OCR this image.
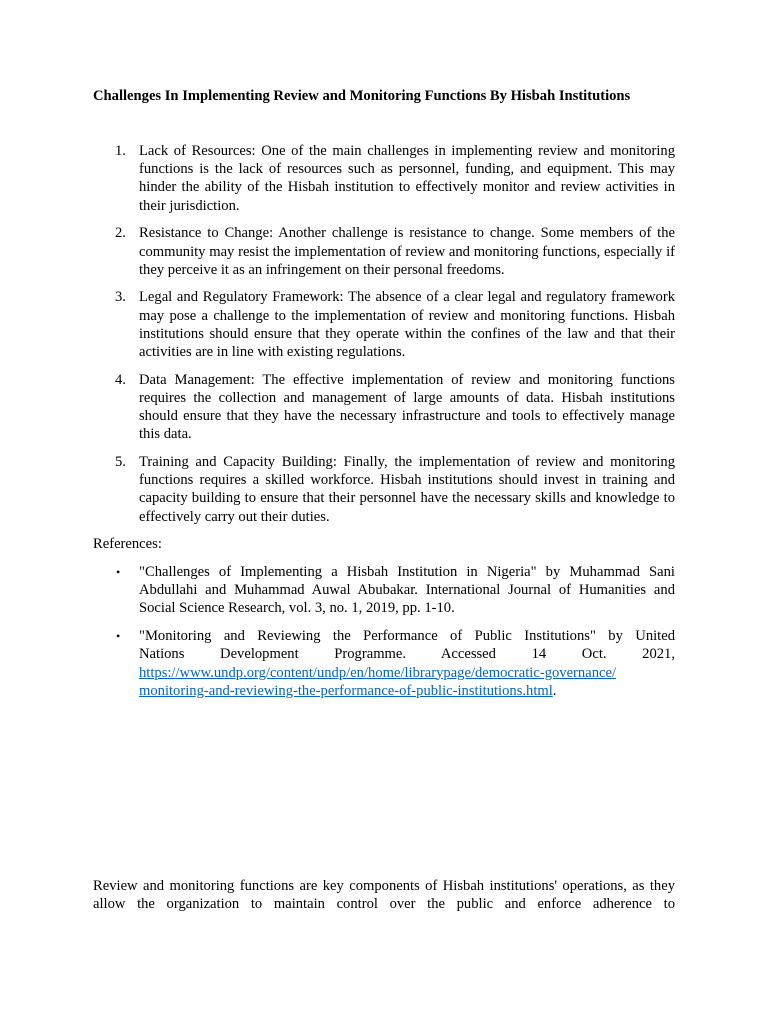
Challenges In Implementing Review and Monitoring Functions By Hisbah Institutions
1. Lack of Resources: One of the main challenges in implementing review and monitoring functions is the lack of resources such as personnel, funding, and equipment. This may hinder the ability of the Hisbah institution to effectively monitor and review activities in their jurisdiction.
2. Resistance to Change: Another challenge is resistance to change. Some members of the community may resist the implementation of review and monitoring functions, especially if they perceive it as an infringement on their personal freedoms.
3. Legal and Regulatory Framework: The absence of a clear legal and regulatory framework may pose a challenge to the implementation of review and monitoring functions. Hisbah institutions should ensure that they operate within the confines of the law and that their activities are in line with existing regulations.
4. Data Management: The effective implementation of review and monitoring functions requires the collection and management of large amounts of data. Hisbah institutions should ensure that they have the necessary infrastructure and tools to effectively manage this data.
5. Training and Capacity Building: Finally, the implementation of review and monitoring functions requires a skilled workforce. Hisbah institutions should invest in training and capacity building to ensure that their personnel have the necessary skills and knowledge to effectively carry out their duties.
References:
• "Challenges of Implementing a Hisbah Institution in Nigeria" by Muhammad Sani Abdullahi and Muhammad Auwal Abubakar. International Journal of Humanities and Social Science Research, vol. 3, no. 1, 2019, pp. 1-10.
• "Monitoring and Reviewing the Performance of Public Institutions" by United
Nations Development Programme. Accessed 14 Oct. 2021,
https://www.undp.org/content/undp/en/home/librarypage/democratic-governance/
monitoring-and-reviewing-the-performance-of-public-institutions.html.
Review and monitoring functions are key components of Hisbah institutions' operations, as they allow the organization to maintain control over the public and enforce adherence to
